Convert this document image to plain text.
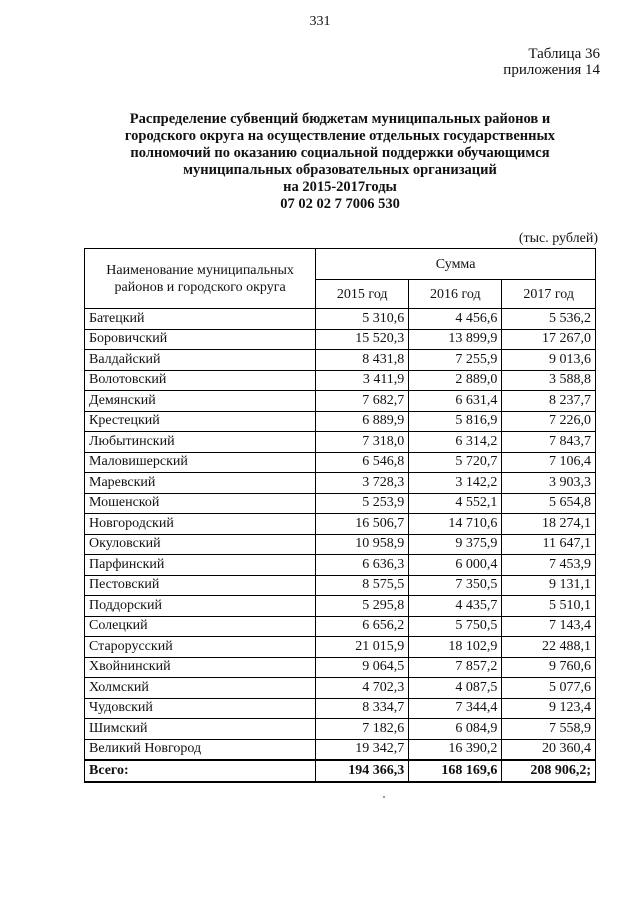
331
Таблица 36
приложения 14
Распределение субвенций бюджетам муниципальных районов и
городского округа на осуществление отдельных государственных
полномочий по оказанию социальной поддержки обучающимся
муниципальных образовательных организаций
на 2015-2017годы
07 02 02 7 7006 530
(тыс. рублей)
Наименование муниципальных районов и городского округа	Сумма		
	2015 год	2016 год	2017 год
Батецкий	5 310,6	4 456,6	5 536,2
Боровичский	15 520,3	13 899,9	17 267,0
Валдайский	8 431,8	7 255,9	9 013,6
Волотовский	3 411,9	2 889,0	3 588,8
Демянский	7 682,7	6 631,4	8 237,7
Крестецкий	6 889,9	5 816,9	7 226,0
Любытинский	7 318,0	6 314,2	7 843,7
Маловишерский	6 546,8	5 720,7	7 106,4
Маревский	3 728,3	3 142,2	3 903,3
Мошенской	5 253,9	4 552,1	5 654,8
Новгородский	16 506,7	14 710,6	18 274,1
Окуловский	10 958,9	9 375,9	11 647,1
Парфинский	6 636,3	6 000,4	7 453,9
Пестовский	8 575,5	7 350,5	9 131,1
Поддорский	5 295,8	4 435,7	5 510,1
Солецкий	6 656,2	5 750,5	7 143,4
Старорусский	21 015,9	18 102,9	22 488,1
Хвойнинский	9 064,5	7 857,2	9 760,6
Холмский	4 702,3	4 087,5	5 077,6
Чудовский	8 334,7	7 344,4	9 123,4
Шимский	7 182,6	6 084,9	7 558,9
Великий Новгород	19 342,7	16 390,2	20 360,4
Всего:	194 366,3	168 169,6	208 906,2;
